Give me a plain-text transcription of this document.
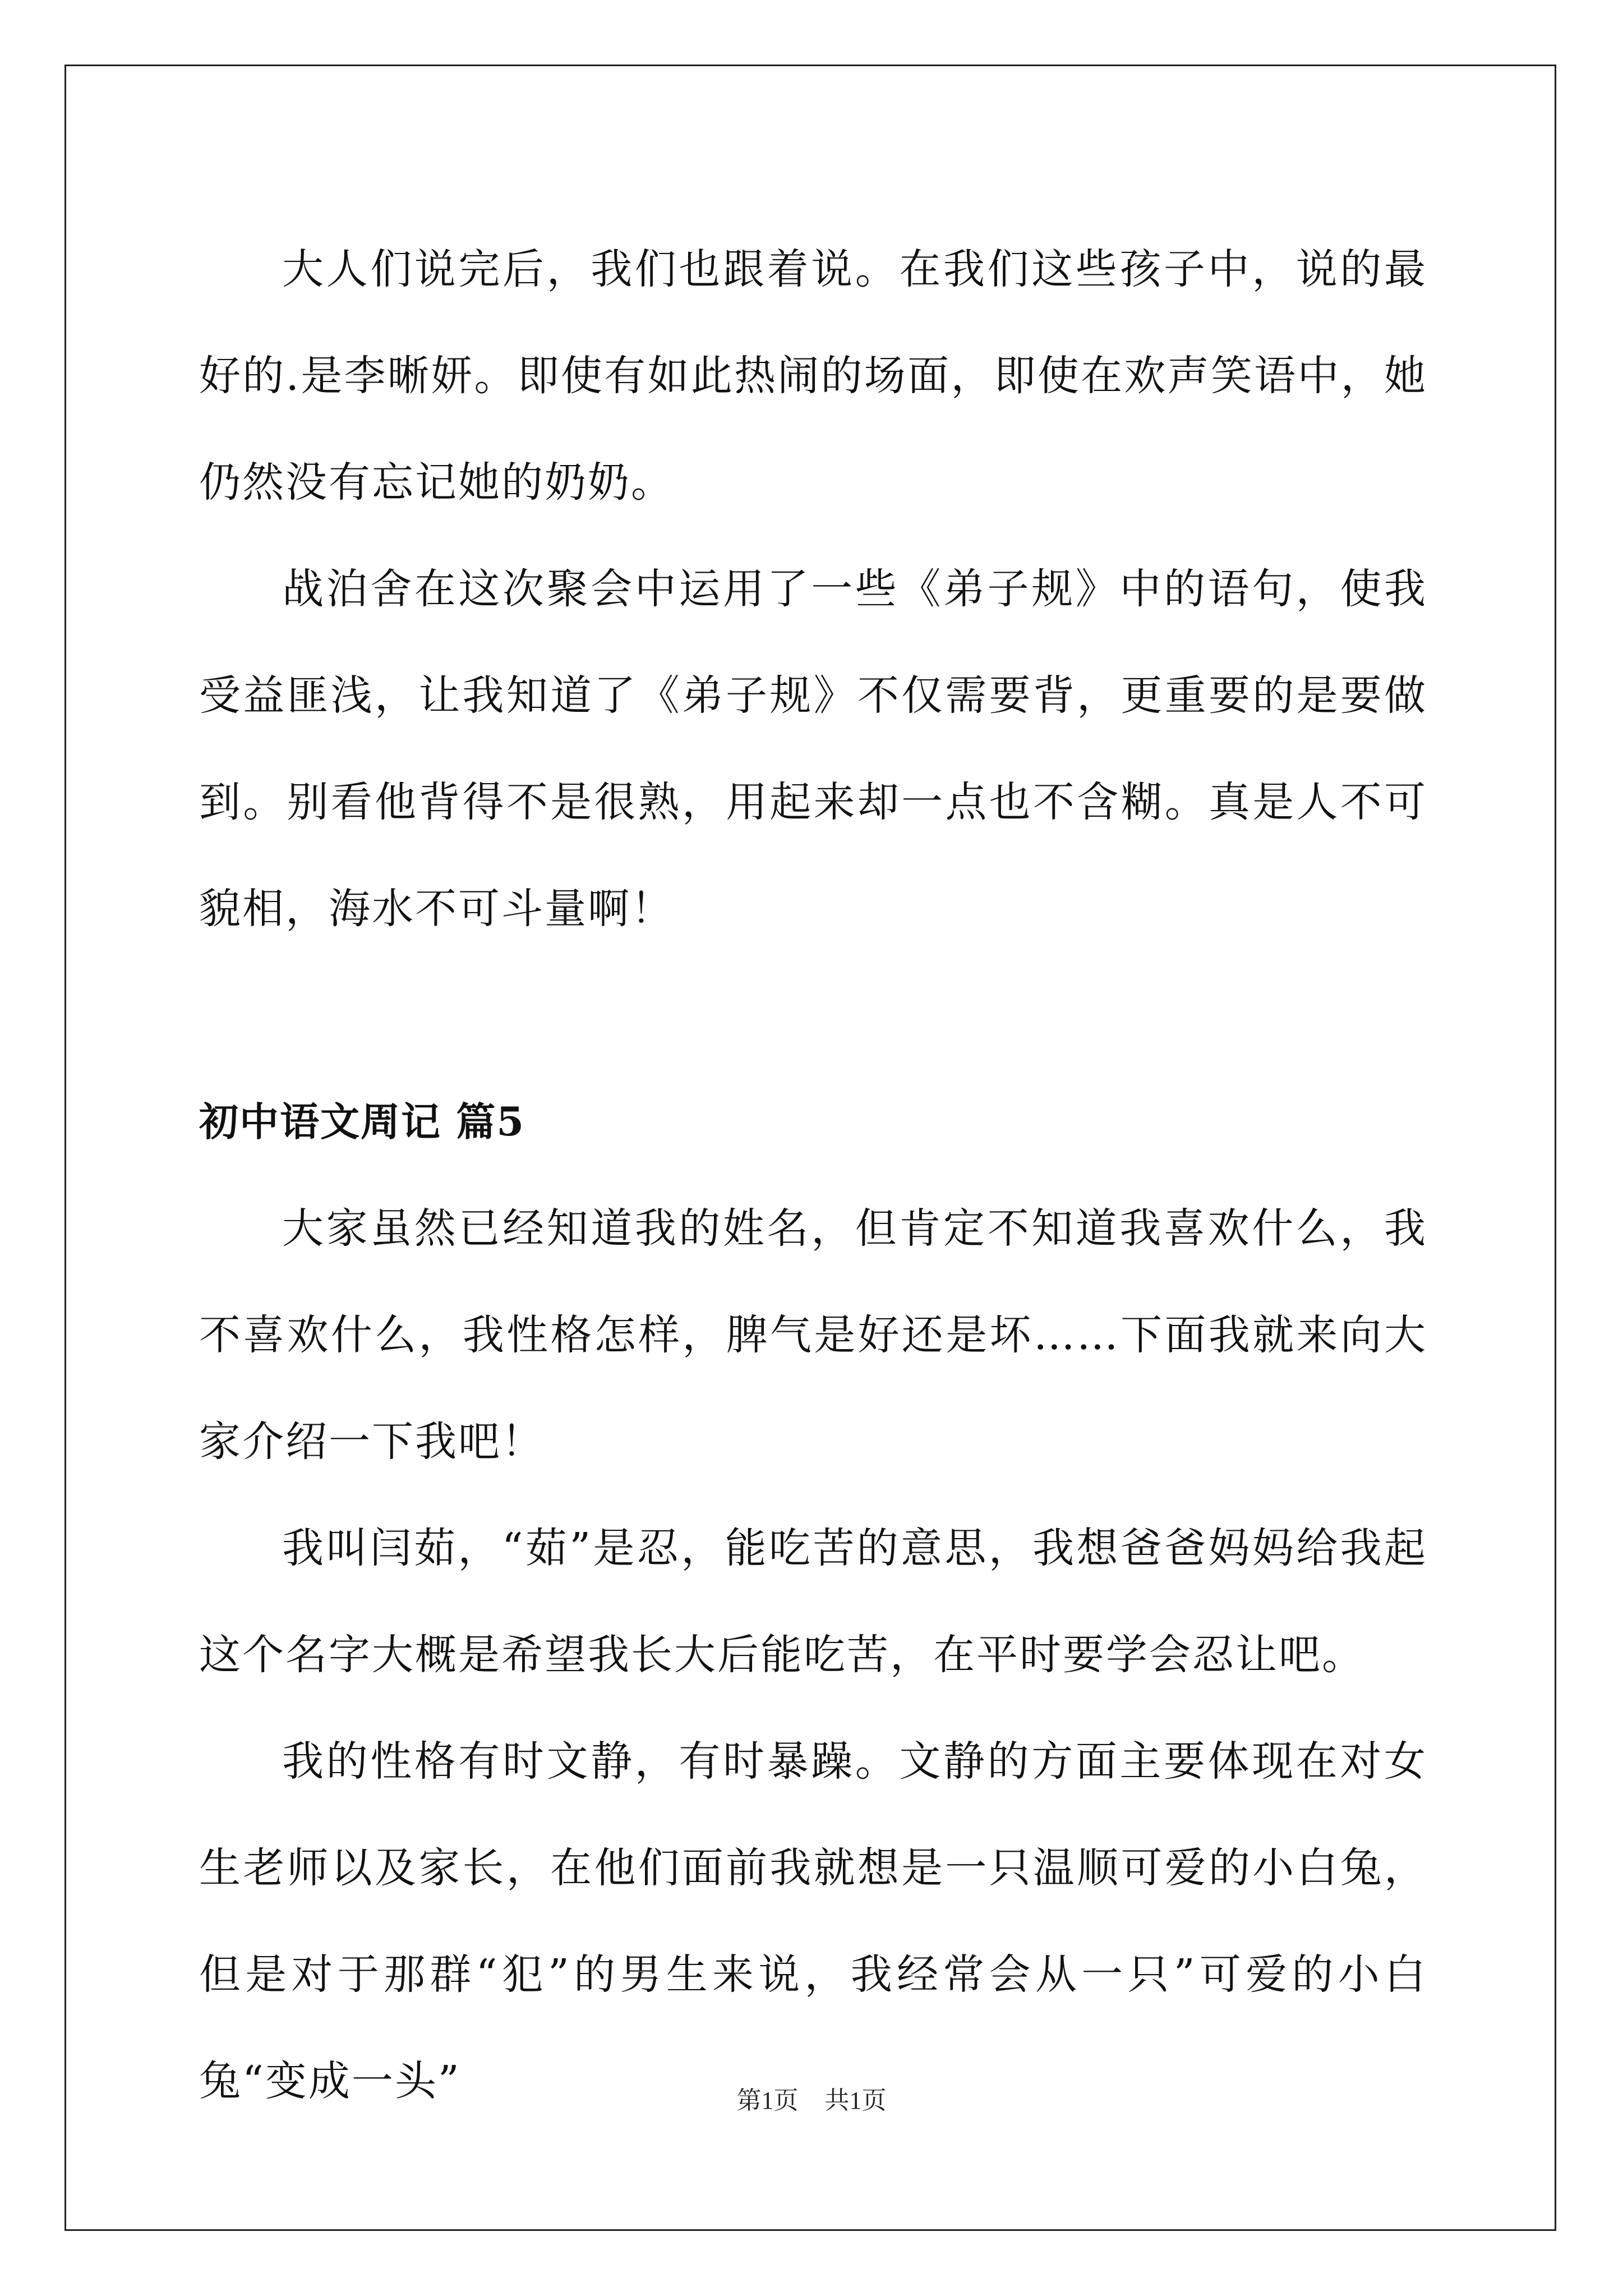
大人们说完后，我们也跟着说。在我们这些孩子中，说的最好的.是李晰妍。即使有如此热闹的场面，即使在欢声笑语中，她仍然没有忘记她的奶奶。

战泊舍在这次聚会中运用了一些《弟子规》中的语句，使我受益匪浅，让我知道了《弟子规》不仅需要背，更重要的是要做到。别看他背得不是很熟，用起来却一点也不含糊。真是人不可貌相，海水不可斗量啊！

初中语文周记 篇5

大家虽然已经知道我的姓名，但肯定不知道我喜欢什么，我不喜欢什么，我性格怎样，脾气是好还是坏……下面我就来向大家介绍一下我吧！

我叫闫茹，“茹”是忍，能吃苦的意思，我想爸爸妈妈给我起这个名字大概是希望我长大后能吃苦，在平时要学会忍让吧。

我的性格有时文静，有时暴躁。文静的方面主要体现在对女生老师以及家长，在他们面前我就想是一只温顺可爱的小白兔，但是对于那群“犯”的男生来说，我经常会从一只”可爱的小白兔“变成一头”	第1页 共1页
